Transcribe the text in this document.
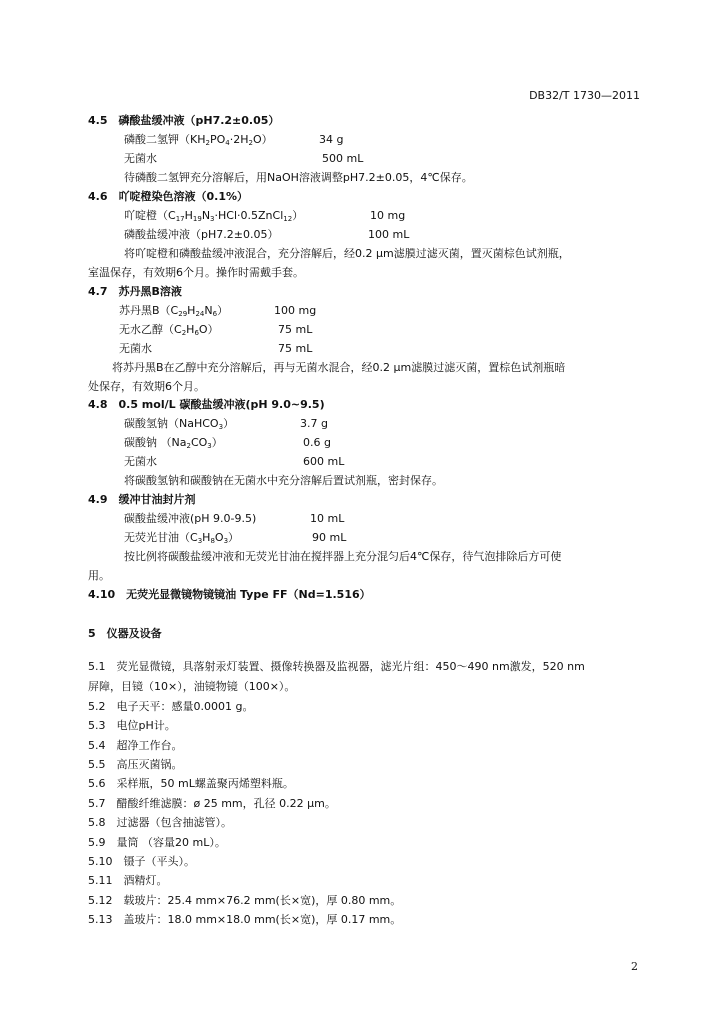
DB32/T 1730—2011
4.5　磷酸盐缓冲液（pH7.2±0.05）
磷酸二氢钾$(KH_2PO_4\cdot 2H_2O)$	34 g
无菌水	500 mL
待磷酸二氢钾充分溶解后，用NaOH溶液调整pH7.2±0.05，4℃保存。
4.6　吖啶橙染色溶液（0.1%）
吖啶橙$(C_{17}H_{19}N_3\cdot HCl\cdot 0.5ZnCl_{12})$	10 mg
磷酸盐缓冲液（pH7.2±0.05）	100 mL
将吖啶橙和磷酸盐缓冲液混合，充分溶解后，经0.2 μm滤膜过滤灭菌，置灭菌棕色试剂瓶，
室温保存，有效期6个月。操作时需戴手套。
4.7　苏丹黑B溶液
苏丹黑$B(C_{29}H_{24}N_6)$	100 mg
无水乙醇$(C_2H_6O)$	75 mL
无菌水	75 mL
将苏丹黑B在乙醇中充分溶解后，再与无菌水混合，经0.2 μm滤膜过滤灭菌，置棕色试剂瓶暗
处保存，有效期6个月。
4.8　0.5 mol/L 碳酸盐缓冲液(pH 9.0~9.5)
碳酸氢钠（NaHCO$_3$）	3.7 g
碳酸钠 $(Na_2CO_3)$	0.6 g
无菌水	600 mL
将碳酸氢钠和碳酸钠在无菌水中充分溶解后置试剂瓶，密封保存。
4.9　缓冲甘油封片剂
碳酸盐缓冲液(pH 9.0-9.5)	10 mL
无荧光甘油$(C_3H_8O_3)$	90 mL
按比例将碳酸盐缓冲液和无荧光甘油在搅拌器上充分混匀后4℃保存，待气泡排除后方可使
用。
4.10　无荧光显微镜物镜镜油 Type FF（Nd=1.516）
5　仪器及设备
5.1　 荧光显微镜，具落射汞灯装置、摄像转换器及监视器，滤光片组：450～490 nm激发，520 nm
屏障，目镜（10×），油镜物镜（100×）。
5.2　 电子天平：感量0.0001 g。
5.3　 电位pH计。
5.4　 超净工作台。
5.5　 高压灭菌锅。
5.6　 采样瓶，50 mL螺盖聚丙烯塑料瓶。
5.7　 醋酸纤维滤膜：ø 25 mm，孔径 0.22 μm。
5.8　 过滤器（包含抽滤管）。
5.9　 量筒 （容量20 mL）。
5.10　 镊子（平头）。
5.11　 酒精灯。
5.12　 载玻片：25.4 mm×76.2 mm(长×宽)，厚 0.80 mm。
5.13　 盖玻片：18.0 mm×18.0 mm(长×宽)，厚 0.17 mm。
2
